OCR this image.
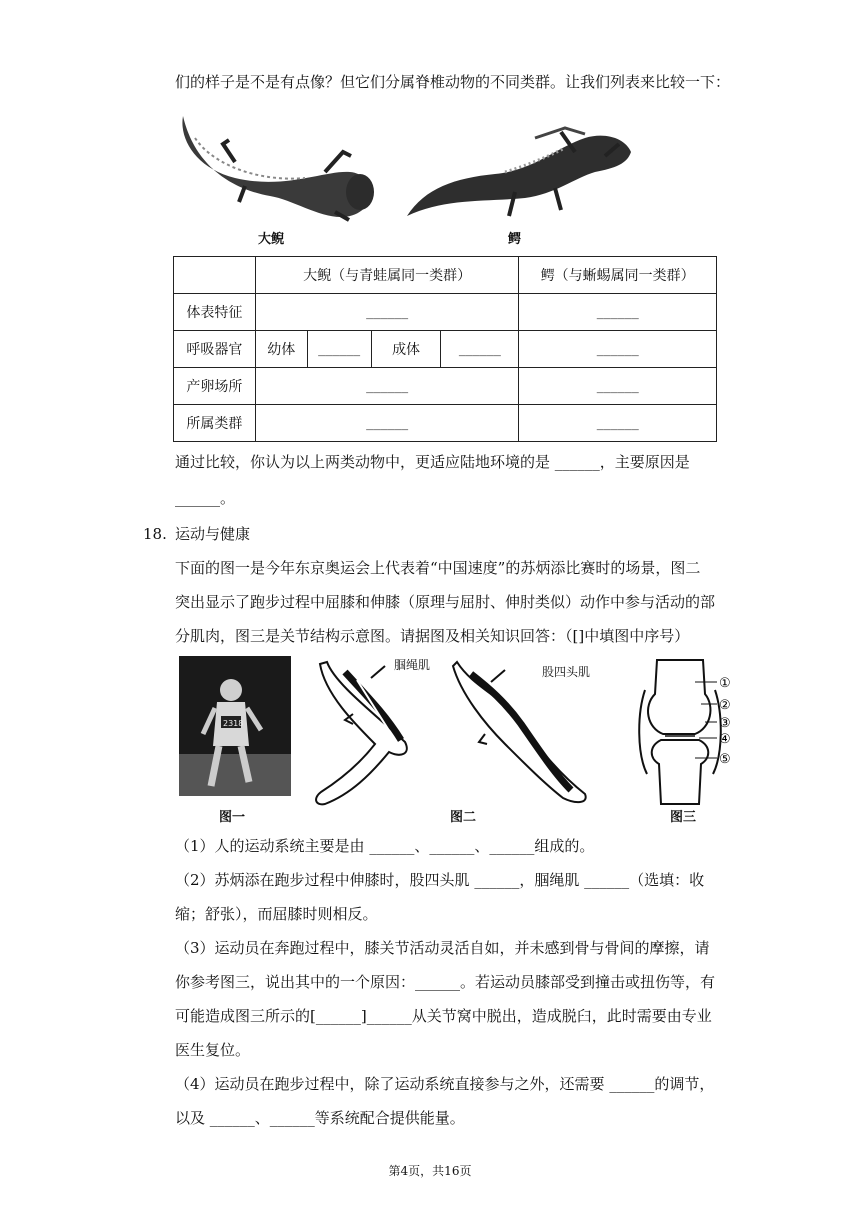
们的样子是不是有点像？但它们分属脊椎动物的不同类群。让我们列表来比较一下：
大鲵	鳄
	大鲵（与青蛙属同一类群）				鳄（与蜥蜴属同一类群）
体表特征	______				______
呼吸器官	幼体	______	成体	______	______
产卵场所	______				______
所属类群	______				______
通过比较，你认为以上两类动物中，更适应陆地环境的是 ______，主要原因是
______。
18. 运动与健康
下面的图一是今年东京奥运会上代表着“中国速度”的苏炳添比赛时的场景，图二
突出显示了跑步过程中屈膝和伸膝（原理与屈肘、伸肘类似）动作中参与活动的部
分肌肉，图三是关节结构示意图。请据图及相关知识回答：（[]中填图中序号）
2318
①
②
③
④
⑤
腘绳肌	股四头肌
图一	图二	图三
（1）人的运动系统主要是由 ______、______、______组成的。
（2）苏炳添在跑步过程中伸膝时，股四头肌 ______，腘绳肌 ______（选填：收
缩；舒张），而屈膝时则相反。
（3）运动员在奔跑过程中，膝关节活动灵活自如，并未感到骨与骨间的摩擦，请
你参考图三，说出其中的一个原因：______。若运动员膝部受到撞击或扭伤等，有
可能造成图三所示的[______]______从关节窝中脱出，造成脱臼，此时需要由专业
医生复位。
（4）运动员在跑步过程中，除了运动系统直接参与之外，还需要 ______的调节，
以及 ______、______等系统配合提供能量。
第4页，共16页
